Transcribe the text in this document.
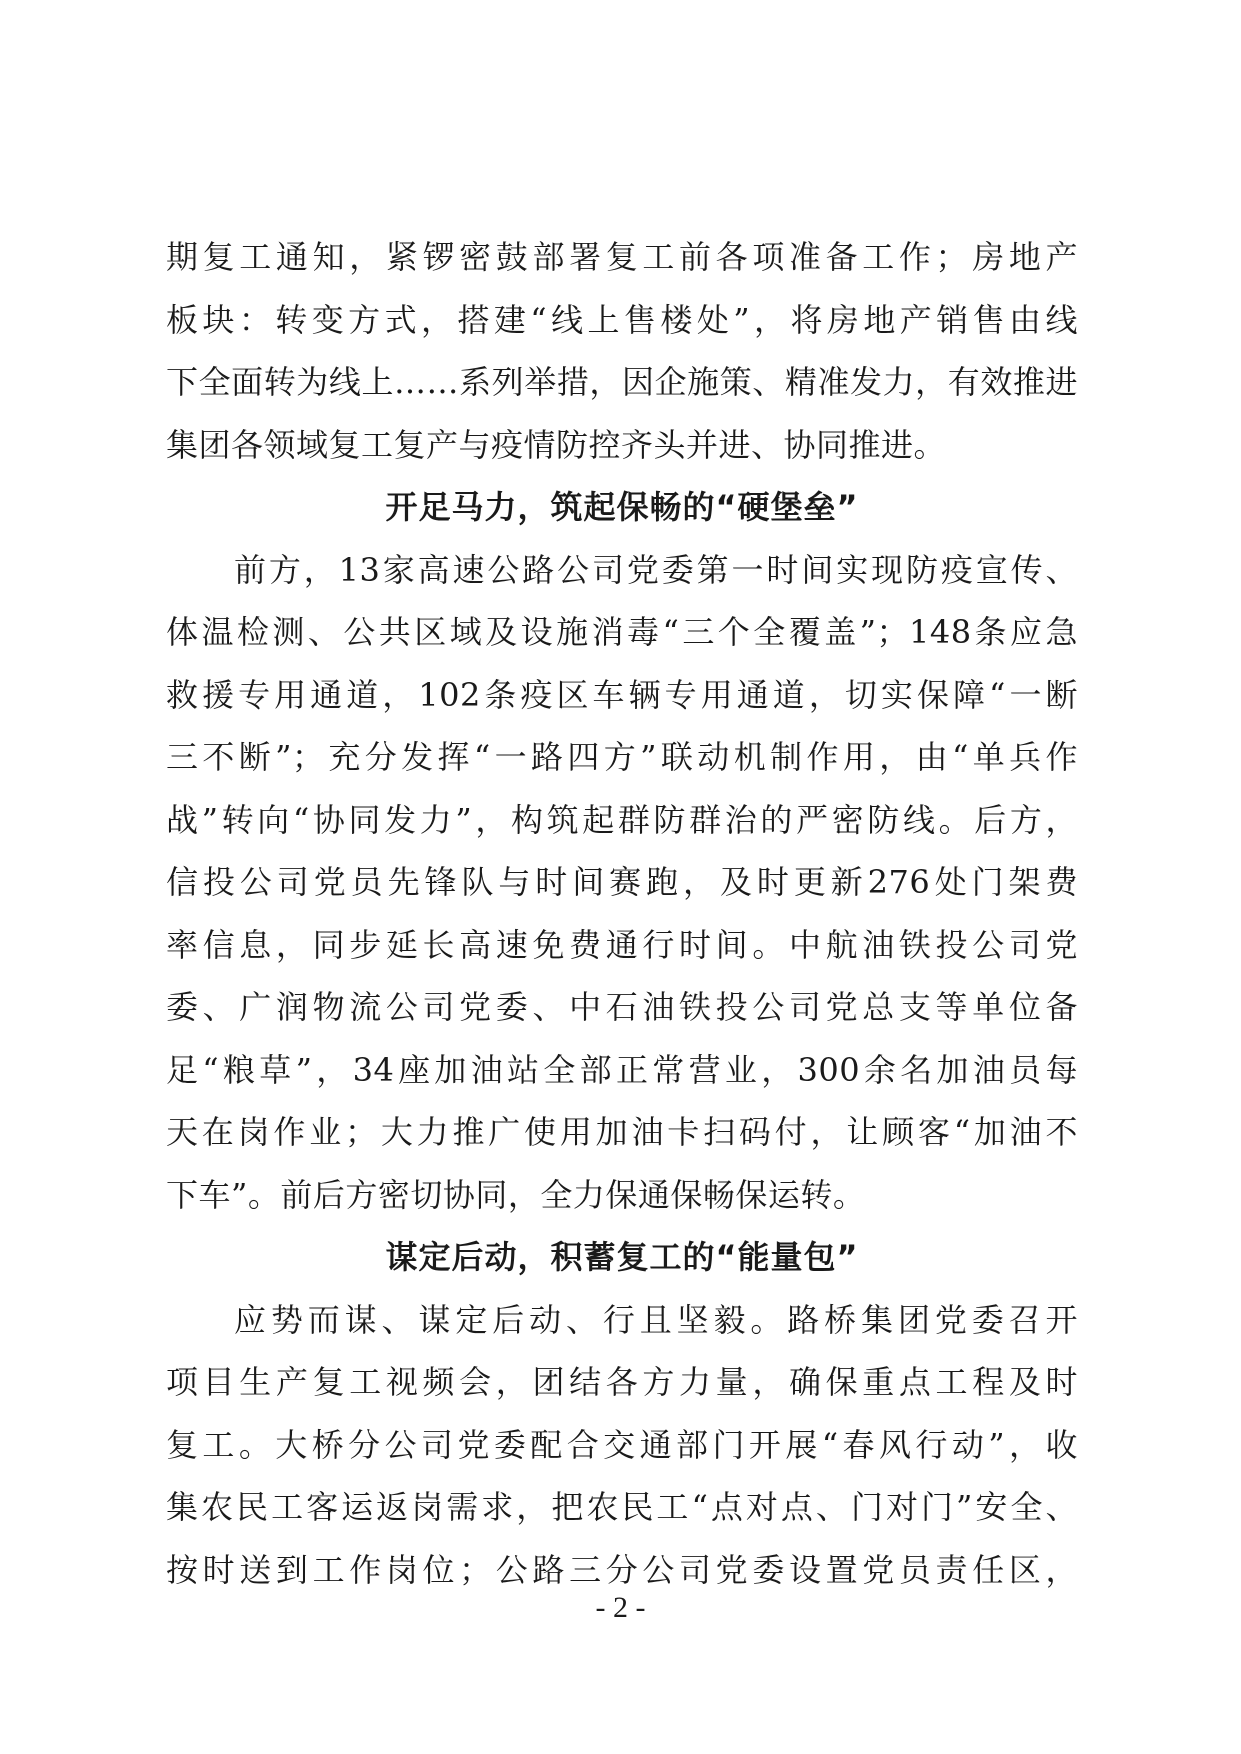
期复工通知，紧锣密鼓部署复工前各项准备工作；房地产
板块：转变方式，搭建“线上售楼处”，将房地产销售由线
下全面转为线上……系列举措，因企施策、精准发力，有效推进
集团各领域复工复产与疫情防控齐头并进、协同推进。
开足马力，筑起保畅的“硬堡垒”
前方，13家高速公路公司党委第一时间实现防疫宣传、
体温检测、公共区域及设施消毒“三个全覆盖”；148条应急
救援专用通道，102条疫区车辆专用通道，切实保障“一断
三不断”；充分发挥“一路四方”联动机制作用，由“单兵作
战”转向“协同发力”，构筑起群防群治的严密防线。后方，
信投公司党员先锋队与时间赛跑，及时更新276处门架费
率信息，同步延长高速免费通行时间。中航油铁投公司党
委、广润物流公司党委、中石油铁投公司党总支等单位备
足“粮草”，34座加油站全部正常营业，300余名加油员每
天在岗作业；大力推广使用加油卡扫码付，让顾客“加油不
下车”。前后方密切协同，全力保通保畅保运转。
谋定后动，积蓄复工的“能量包”
应势而谋、谋定后动、行且坚毅。路桥集团党委召开
项目生产复工视频会，团结各方力量，确保重点工程及时
复工。大桥分公司党委配合交通部门开展“春风行动”，收
集农民工客运返岗需求，把农民工“点对点、门对门”安全、
按时送到工作岗位；公路三分公司党委设置党员责任区，
- 2 -
